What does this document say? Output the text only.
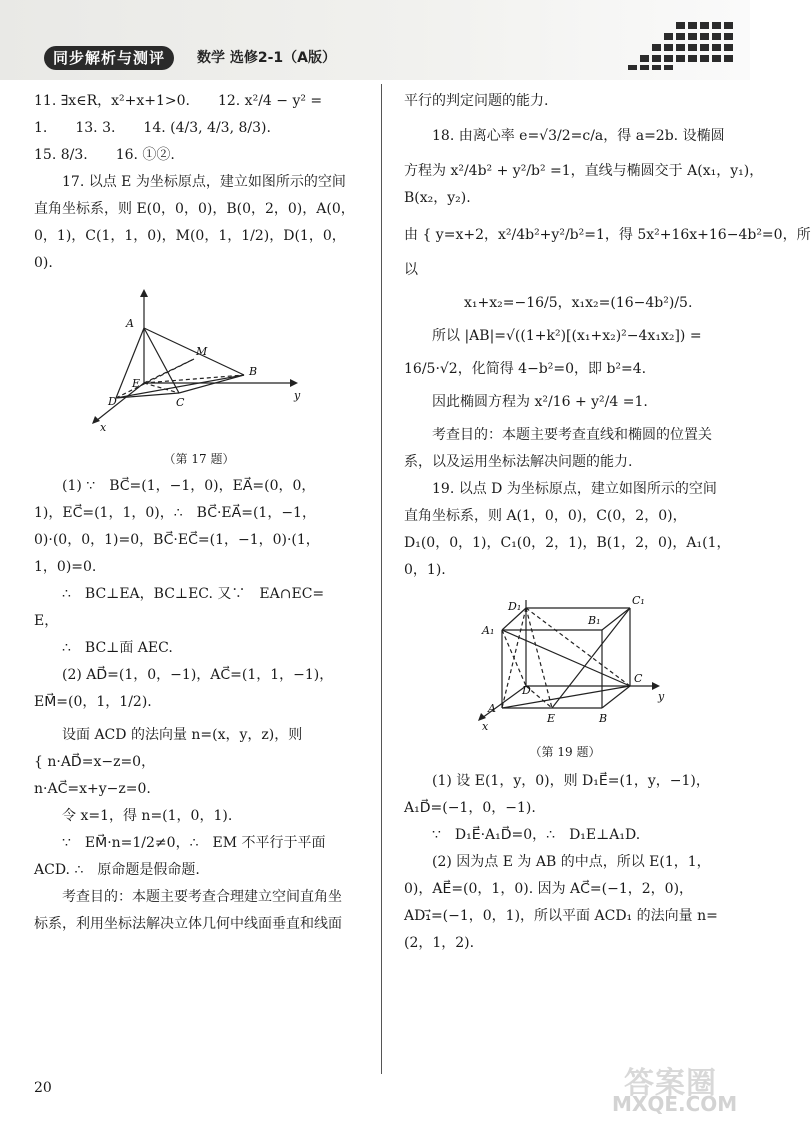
同步解析与测评	数学 选修2-1（A版）
11. ∃x∈R，x²+x+1>0.　　12. x²/4 − y² =
1.　　13. 3.　　14. (4/3, 4/3, 8/3).
15. 8/3.　　16. ①②.
17. 以点 E 为坐标原点，建立如图所示的空间
直角坐标系，则 E(0，0，0)，B(0，2，0)，A(0，
0，1)，C(1，1，0)，M(0，1，1/2)，D(1，0，
0).
A
M
B
E
C
D
x
y
（第 17 题）
(1) ∵　BC⃗=(1，−1，0)，EA⃗=(0，0，
1)，EC⃗=(1，1，0)，∴　BC⃗·EA⃗=(1，−1，
0)·(0，0，1)=0，BC⃗·EC⃗=(1，−1，0)·(1，
1，0)=0.
∴　BC⊥EA，BC⊥EC. 又∵　EA∩EC=
E，
∴　BC⊥面 AEC.
(2) AD⃗=(1，0，−1)，AC⃗=(1，1，−1)，
EM⃗=(0，1，1/2).
设面 ACD 的法向量 n=(x，y，z)，则
{ n·AD⃗=x−z=0，
n·AC⃗=x+y−z=0.
令 x=1，得 n=(1，0，1).
∵　EM⃗·n=1/2≠0，∴　EM 不平行于平面
ACD. ∴　原命题是假命题.
考查目的：本题主要考查合理建立空间直角坐
标系，利用坐标法解决立体几何中线面垂直和线面
平行的判定问题的能力.
18. 由离心率 e=√3/2=c/a，得 a=2b. 设椭圆
方程为 x²/4b² + y²/b² =1，直线与椭圆交于 A(x₁，y₁)，
B(x₂，y₂).
由 { y=x+2，x²/4b²+y²/b²=1，得 5x²+16x+16−4b²=0，所
以
x₁+x₂=−16/5，x₁x₂=(16−4b²)/5.
所以 |AB|=√((1+k²)[(x₁+x₂)²−4x₁x₂]) =
16/5·√2，化简得 4−b²=0，即 b²=4.
因此椭圆方程为 x²/16 + y²/4 =1.
考查目的：本题主要考查直线和椭圆的位置关
系，以及运用坐标法解决问题的能力.
19. 以点 D 为坐标原点，建立如图所示的空间
直角坐标系，则 A(1，0，0)，C(0，2，0)，
D₁(0，0，1)，C₁(0，2，1)，B(1，2，0)，A₁(1，
0，1).
D₁	C₁
A₁
B₁
C
D
A
E	B
x
y
（第 19 题）
(1) 设 E(1，y，0)，则 D₁E⃗=(1，y，−1)，
A₁D⃗=(−1，0，−1).
∵　D₁E⃗·A₁D⃗=0，∴　D₁E⊥A₁D.
(2) 因为点 E 为 AB 的中点，所以 E(1，1，
0)，AE⃗=(0，1，0). 因为 AC⃗=(−1，2，0)，
AD₁⃗=(−1，0，1)，所以平面 ACD₁ 的法向量 n=
(2，1，2).
20	答案圈
MXQE.COM
